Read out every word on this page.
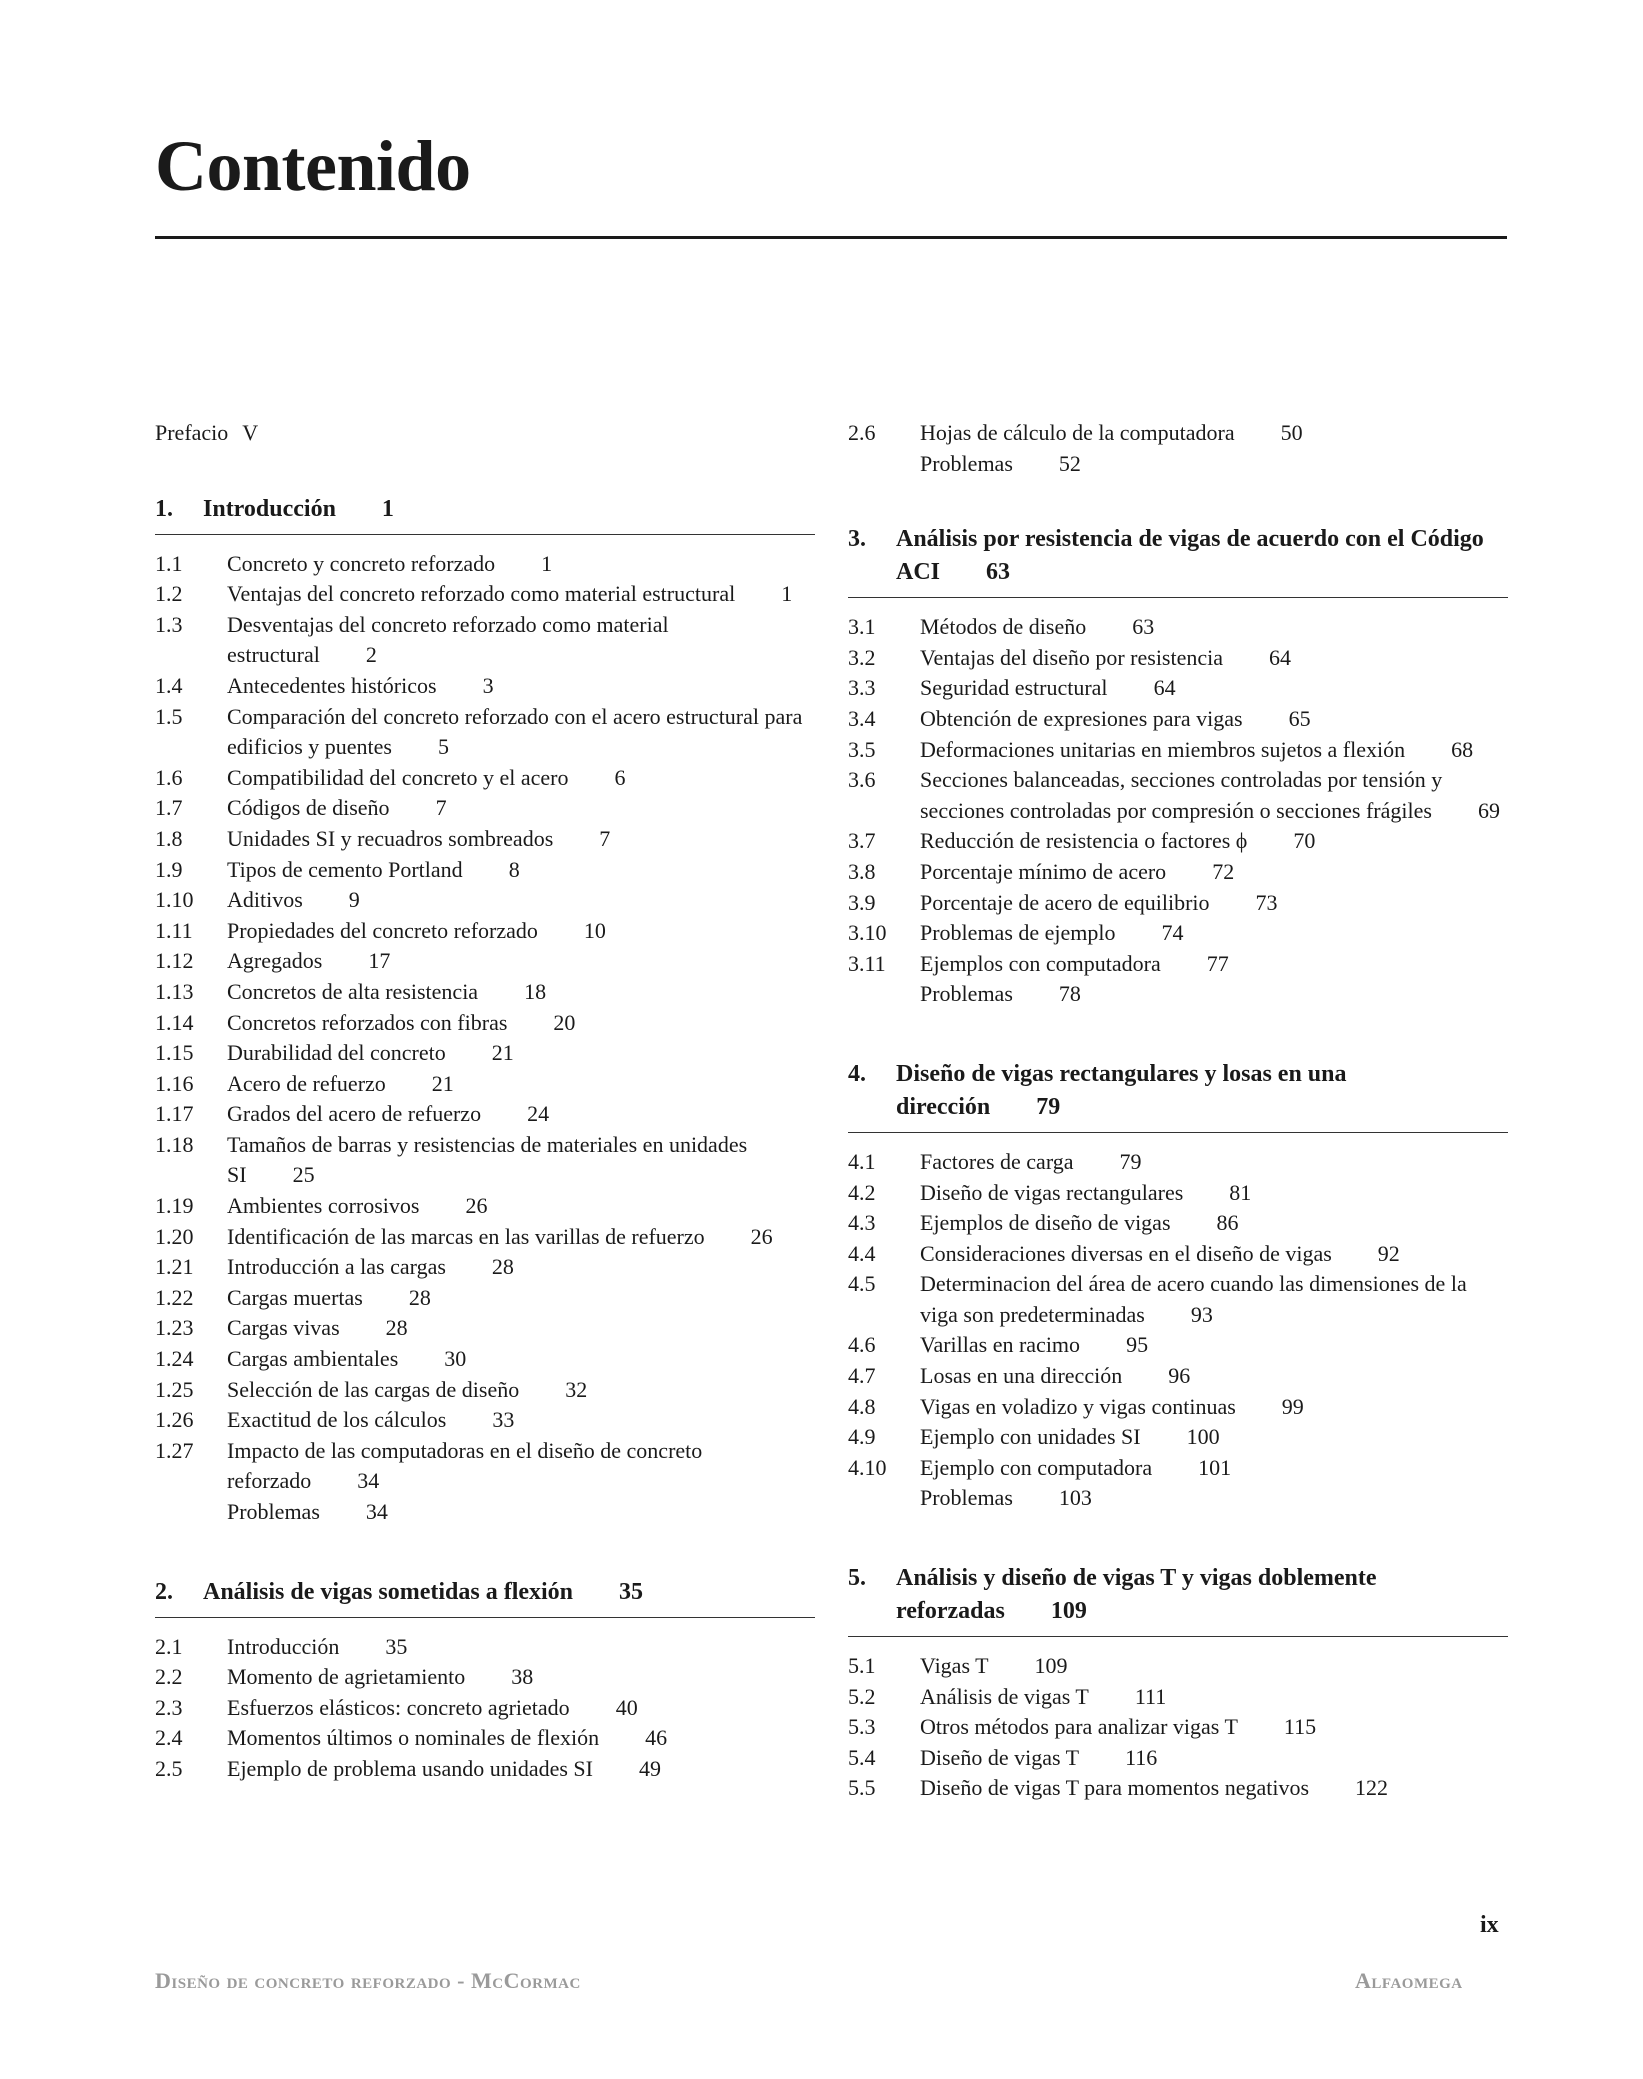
Contenido
Prefacio V
1.	Introducción 1
1.1	Concreto y concreto reforzado 1
1.2	Ventajas del concreto reforzado como material estructural 1
1.3	Desventajas del concreto reforzado como material estructural 2
1.4	Antecedentes históricos 3
1.5	Comparación del concreto reforzado con el acero estructural para edificios y puentes 5
1.6	Compatibilidad del concreto y el acero 6
1.7	Códigos de diseño 7
1.8	Unidades SI y recuadros sombreados 7
1.9	Tipos de cemento Portland 8
1.10	Aditivos 9
1.11	Propiedades del concreto reforzado 10
1.12	Agregados 17
1.13	Concretos de alta resistencia 18
1.14	Concretos reforzados con fibras 20
1.15	Durabilidad del concreto 21
1.16	Acero de refuerzo 21
1.17	Grados del acero de refuerzo 24
1.18	Tamaños de barras y resistencias de materiales en unidades SI 25
1.19	Ambientes corrosivos 26
1.20	Identificación de las marcas en las varillas de refuerzo 26
1.21	Introducción a las cargas 28
1.22	Cargas muertas 28
1.23	Cargas vivas 28
1.24	Cargas ambientales 30
1.25	Selección de las cargas de diseño 32
1.26	Exactitud de los cálculos 33
1.27	Impacto de las computadoras en el diseño de concreto reforzado 34
Problemas 34
2.	Análisis de vigas sometidas a flexión 35
2.1	Introducción 35
2.2	Momento de agrietamiento 38
2.3	Esfuerzos elásticos: concreto agrietado 40
2.4	Momentos últimos o nominales de flexión 46
2.5	Ejemplo de problema usando unidades SI 49
2.6	Hojas de cálculo de la computadora 50
Problemas 52
3.	Análisis por resistencia de vigas de acuerdo con el Código ACI 63
3.1	Métodos de diseño 63
3.2	Ventajas del diseño por resistencia 64
3.3	Seguridad estructural 64
3.4	Obtención de expresiones para vigas 65
3.5	Deformaciones unitarias en miembros sujetos a flexión 68
3.6	Secciones balanceadas, secciones controladas por tensión y secciones controladas por compresión o secciones frágiles 69
3.7	Reducción de resistencia o factores ϕ 70
3.8	Porcentaje mínimo de acero 72
3.9	Porcentaje de acero de equilibrio 73
3.10	Problemas de ejemplo 74
3.11	Ejemplos con computadora 77
Problemas 78
4.	Diseño de vigas rectangulares y losas en una dirección 79
4.1	Factores de carga 79
4.2	Diseño de vigas rectangulares 81
4.3	Ejemplos de diseño de vigas 86
4.4	Consideraciones diversas en el diseño de vigas 92
4.5	Determinacion del área de acero cuando las dimensiones de la viga son predeterminadas 93
4.6	Varillas en racimo 95
4.7	Losas en una dirección 96
4.8	Vigas en voladizo y vigas continuas 99
4.9	Ejemplo con unidades SI 100
4.10	Ejemplo con computadora 101
Problemas 103
5.	Análisis y diseño de vigas T y vigas doblemente reforzadas 109
5.1	Vigas T 109
5.2	Análisis de vigas T 111
5.3	Otros métodos para analizar vigas T 115
5.4	Diseño de vigas T 116
5.5	Diseño de vigas T para momentos negativos 122
ix
Diseño de concreto reforzado - McCormac	Alfaomega
